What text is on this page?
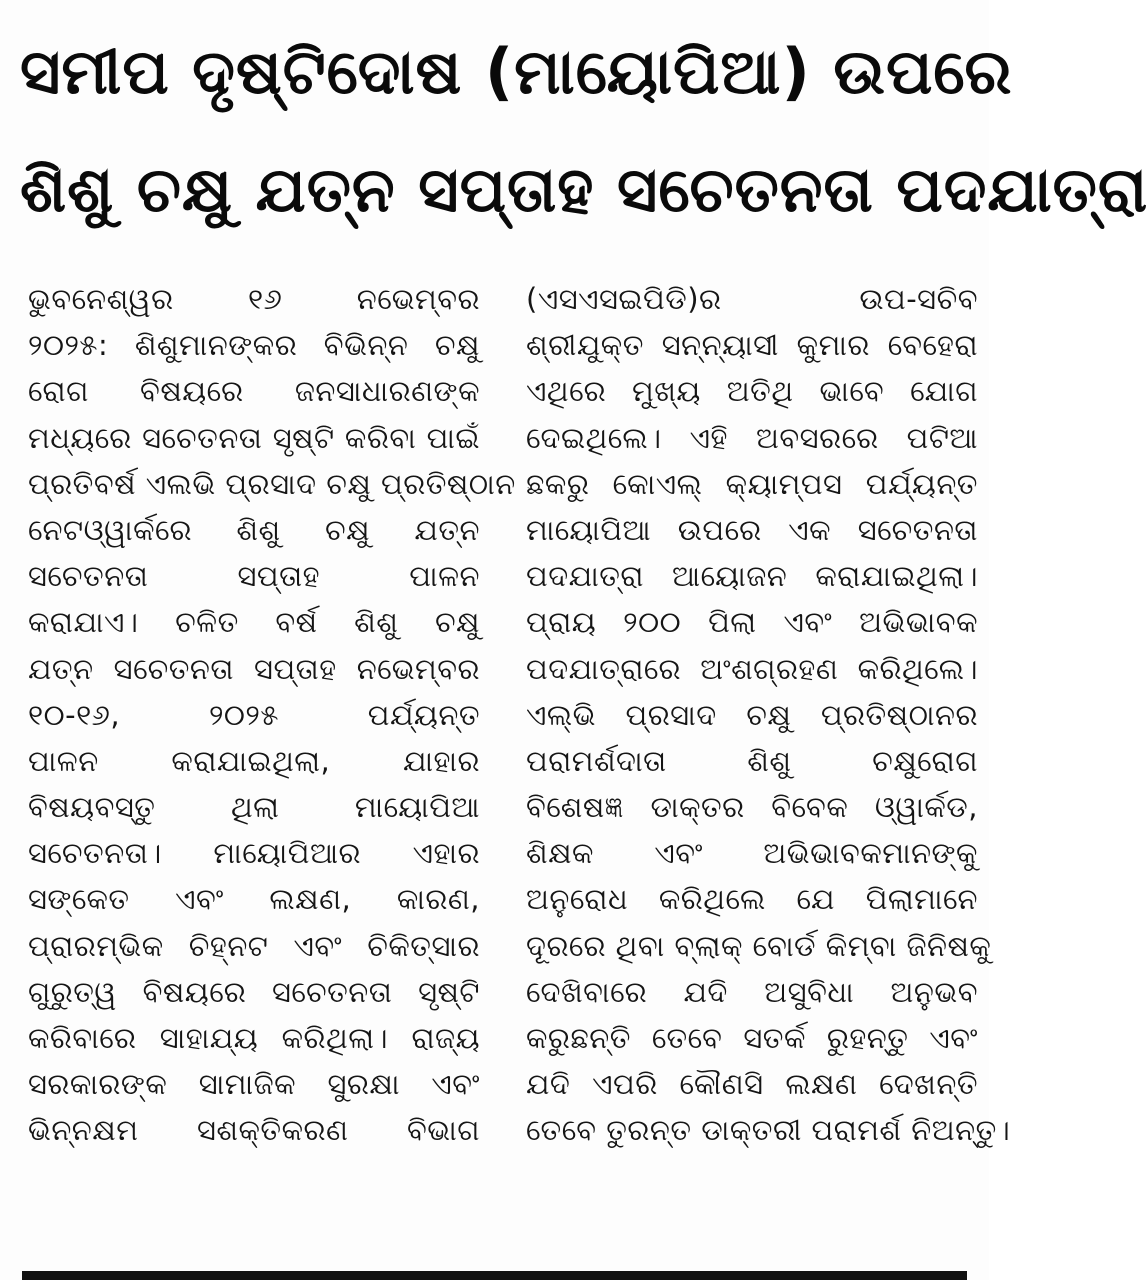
ସମୀପ ଦୃଷ୍ଟିଦୋଷ (ମାୟୋପିଆ) ଉପରେ
ଶିଶୁ ଚକ୍ଷୁ ଯତ୍ନ ସପ୍ତାହ ସଚେତନତା ପଦଯାତ୍ରା
ଭୁବନେଶ୍ୱର ୧୬ ନଭେମ୍ବର
୨୦୨୫: ଶିଶୁମାନଙ୍କର ବିଭିନ୍ନ ଚକ୍ଷୁ
ରୋଗ ବିଷୟରେ ଜନସାଧାରଣଙ୍କ
ମଧ୍ୟରେ ସଚେତନତା ସୃଷ୍ଟି କରିବା ପାଇଁ
ପ୍ରତିବର୍ଷ ଏଲଭି ପ୍ରସାଦ ଚକ୍ଷୁ ପ୍ରତିଷ୍ଠାନ
ନେଟଓ୍ୱାର୍କରେ ଶିଶୁ ଚକ୍ଷୁ ଯତ୍ନ
ସଚେତନତା ସପ୍ତାହ ପାଳନ
କରାଯାଏ। ଚଳିତ ବର୍ଷ ଶିଶୁ ଚକ୍ଷୁ
ଯତ୍ନ ସଚେତନତା ସପ୍ତାହ ନଭେମ୍ବର
୧୦-୧୬, ୨୦୨୫ ପର୍ଯ୍ୟନ୍ତ
ପାଳନ କରାଯାଇଥିଲା, ଯାହାର
ବିଷୟବସ୍ତୁ ଥିଲା ମାୟୋପିଆ
ସଚେତନତା। ମାୟୋପିଆର ଏହାର
ସଙ୍କେତ ଏବଂ ଲକ୍ଷଣ, କାରଣ,
ପ୍ରାରମ୍ଭିକ ଚିହ୍ନଟ ଏବଂ ଚିକିତ୍ସାର
ଗୁରୁତ୍ୱ ବିଷୟରେ ସଚେତନତା ସୃଷ୍ଟି
କରିବାରେ ସାହାଯ୍ୟ କରିଥିଲା। ରାଜ୍ୟ
ସରକାରଙ୍କ ସାମାଜିକ ସୁରକ୍ଷା ଏବଂ
ଭିନ୍ନକ୍ଷମ ସଶକ୍ତିକରଣ ବିଭାଗ
(ଏସଏସଇପିଡି)ର ଉପ-ସଚିବ
ଶ୍ରୀଯୁକ୍ତ ସନ୍ନ୍ୟାସୀ କୁମାର ବେହେରା
ଏଥିରେ ମୁଖ୍ୟ ଅତିଥି ଭାବେ ଯୋଗ
ଦେଇଥିଲେ। ଏହି ଅବସରରେ ପଟିଆ
ଛକରୁ କୋଏଲ୍ କ୍ୟାମ୍ପସ ପର୍ଯ୍ୟନ୍ତ
ମାୟୋପିଆ ଉପରେ ଏକ ସଚେତନତା
ପଦଯାତ୍ରା ଆୟୋଜନ କରାଯାଇଥିଲା।
ପ୍ରାୟ ୨୦୦ ପିଲା ଏବଂ ଅଭିଭାବକ
ପଦଯାତ୍ରାରେ ଅଂଶଗ୍ରହଣ କରିଥିଲେ।
ଏଲ୍‌ଭି ପ୍ରସାଦ ଚକ୍ଷୁ ପ୍ରତିଷ୍ଠାନର
ପରାମର୍ଶଦାତା ଶିଶୁ ଚକ୍ଷୁରୋଗ
ବିଶେଷଜ୍ଞ ଡାକ୍ତର ବିବେକ ଓ୍ୱାର୍କଡ,
ଶିକ୍ଷକ ଏବଂ ଅଭିଭାବକମାନଙ୍କୁ
ଅନୁରୋଧ କରିଥିଲେ ଯେ ପିଲାମାନେ
ଦୂରରେ ଥିବା ବ୍ଲାକ୍ ବୋର୍ଡ କିମ୍ବା ଜିନିଷକୁ
ଦେଖିବାରେ ଯଦି ଅସୁବିଧା ଅନୁଭବ
କରୁଛନ୍ତି ତେବେ ସତର୍କ ରୁହନ୍ତୁ ଏବଂ
ଯଦି ଏପରି କୌଣସି ଲକ୍ଷଣ ଦେଖନ୍ତି
ତେବେ ତୁରନ୍ତ ଡାକ୍ତରୀ ପରାମର୍ଶ ନିଅନ୍ତୁ।
